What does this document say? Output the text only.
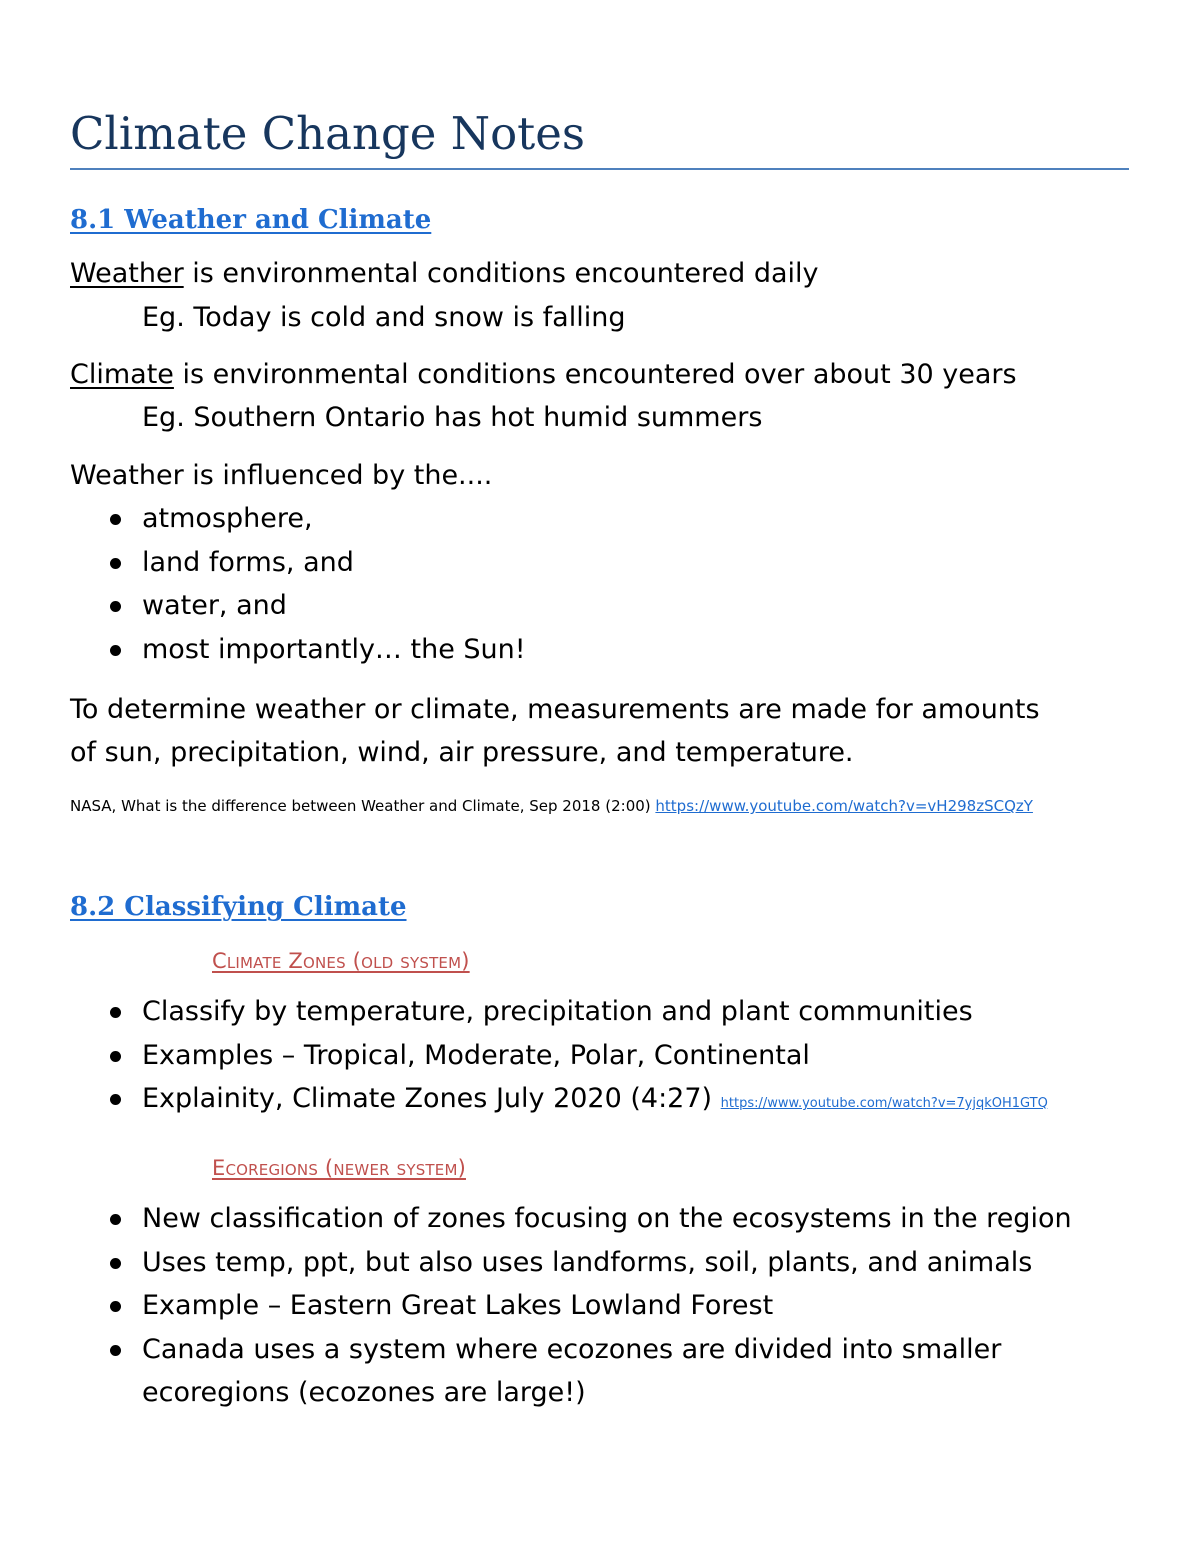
Climate Change Notes
8.1 Weather and Climate

Weather is environmental conditions encountered daily

Eg. Today is cold and snow is falling

Climate is environmental conditions encountered over about 30 years

Eg. Southern Ontario has hot humid summers

Weather is influenced by the....

atmosphere,
land forms, and
water, and
most importantly… the Sun!

To determine weather or climate, measurements are made for amounts

of sun, precipitation, wind, air pressure, and temperature.

NASA, What is the difference between Weather and Climate, Sep 2018 (2:00) https://www.youtube.com/watch?v=vH298zSCQzY

8.2 Classifying Climate

Climate Zones (old system)

Classify by temperature, precipitation and plant communities
Examples – Tropical, Moderate, Polar, Continental
Explainity, Climate Zones July 2020 (4:27) https://www.youtube.com/watch?v=7yjqkOH1GTQ

Ecoregions (newer system)

New classification of zones focusing on the ecosystems in the region
Uses temp, ppt, but also uses landforms, soil, plants, and animals
Example – Eastern Great Lakes Lowland Forest
Canada uses a system where ecozones are divided into smaller
ecoregions (ecozones are large!)
